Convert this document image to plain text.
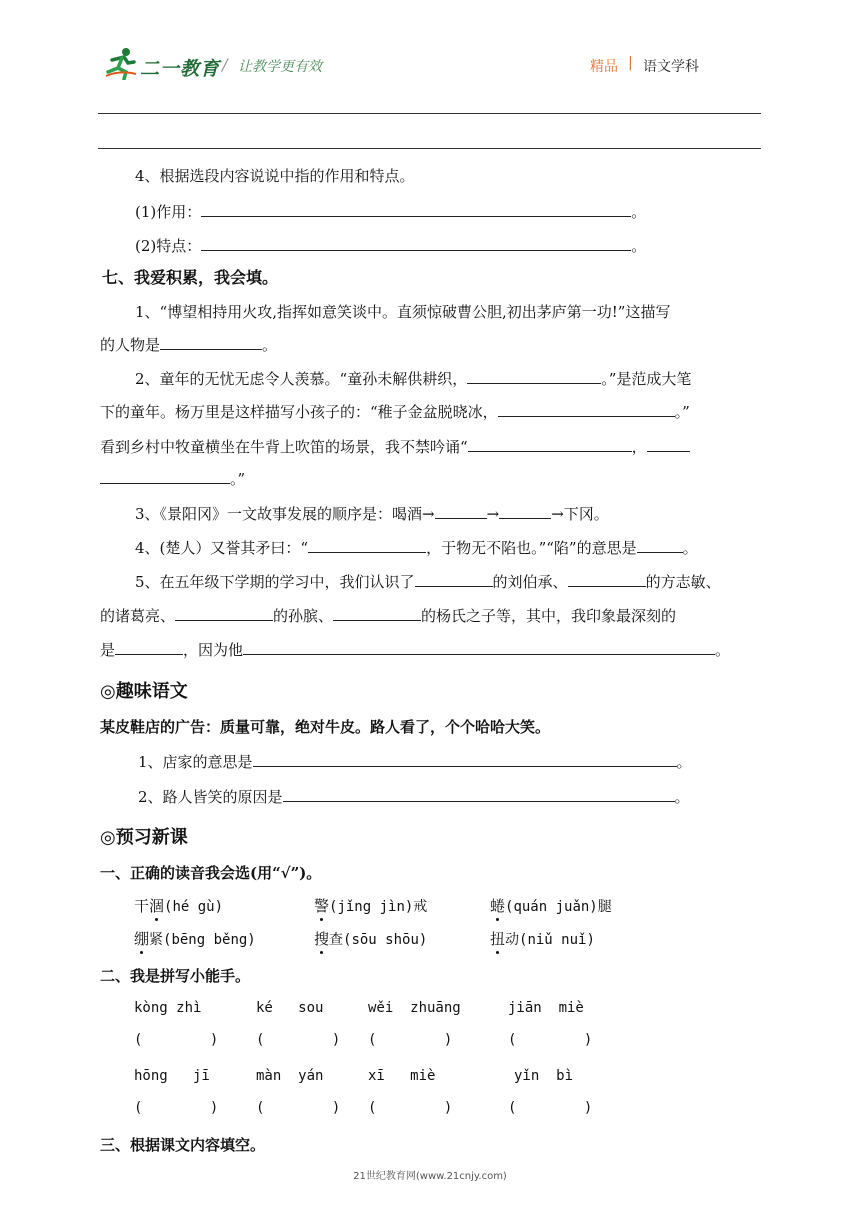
二一教育 / 让教学更有效	精品 | 语文学科
4、根据选段内容说说中指的作用和特点。
(1)作用：	。
(2)特点：	。
七、我爱积累，我会填。
1、“博望相持用火攻,指挥如意笑谈中。直须惊破曹公胆,初出茅庐第一功!”这描写
的人物是	。
2、童年的无忧无虑令人羡慕。“童孙未解供耕织，	。”是范成大笔
下的童年。杨万里是这样描写小孩子的：“稚子金盆脱晓冰，	。”
看到乡村中牧童横坐在牛背上吹笛的场景，我不禁吟诵“	，
。”
3、《景阳冈》一文故事发展的顺序是：喝酒→	→	→下冈。
4、(楚人）又誉其矛曰：“	，于物无不陷也。”“陷”的意思是	。
5、在五年级下学期的学习中，我们认识了	的刘伯承、	的方志敏、
的诸葛亮、	的孙膑、	的杨氏之子等，其中，我印象最深刻的
是	，因为他	。
◎趣味语文
某皮鞋店的广告：质量可靠，绝对牛皮。路人看了，个个哈哈大笑。
1、店家的意思是	。
2、路人皆笑的原因是	。
◎预习新课
一、正确的读音我会选(用“√”)。
干涸(hé gù)	警(jǐng jìn)戒	蜷(quán juǎn)腿
绷紧(bēng běng)	搜查(sōu shōu)	扭动(niǔ nuǐ)
二、我是拼写小能手。
kòng zhì	ké   sou	wěi  zhuāng	jiān  miè
(        )	(        ) (        )	(        )
hōng   jī	màn  yán	xī   miè	yǐn  bì
(        )	(        ) (        )	(        )
三、根据课文内容填空。
21世纪教育网(www.21cnjy.com)
